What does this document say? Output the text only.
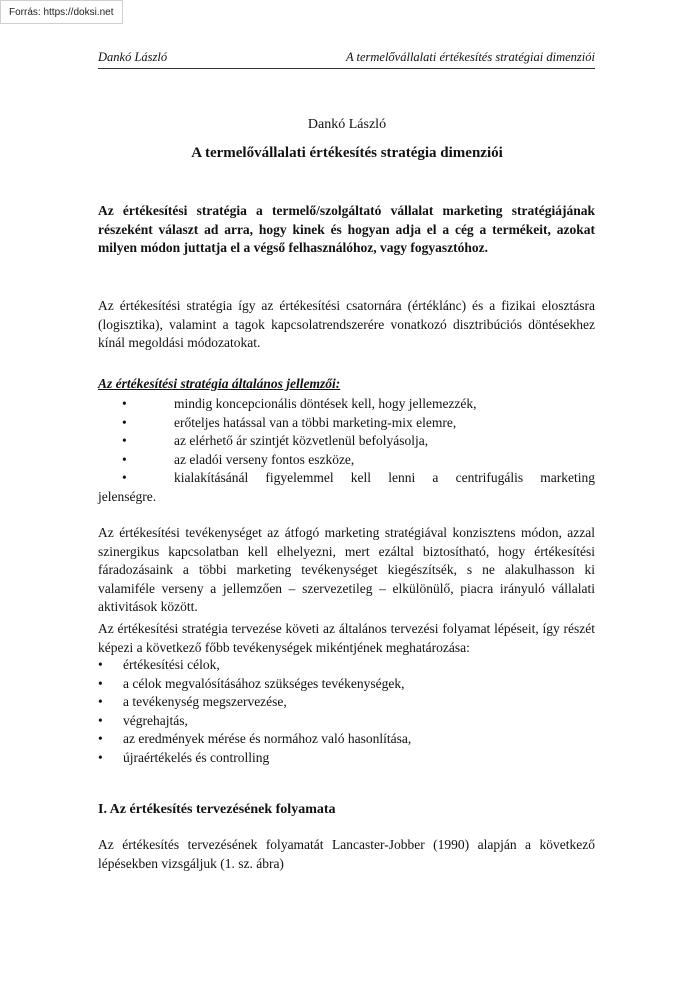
Forrás: https://doksi.net
Dankó László	A termelővállalati értékesítés stratégiai dimenziói
Dankó László
A termelővállalati értékesítés stratégia dimenziói
Az értékesítési stratégia a termelő/szolgáltató vállalat marketing stratégiájának részeként választ ad arra, hogy kinek és hogyan adja el a cég a termékeit, azokat milyen módon juttatja el a végső felhasználóhoz, vagy fogyasztóhoz.
Az értékesítési stratégia így az értékesítési csatornára (értéklánc) és a fizikai elosztásra (logisztika), valamint a tagok kapcsolatrendszerére vonatkozó disztribúciós döntésekhez kínál megoldási módozatokat.
Az értékesítési stratégia általános jellemzői:
•	mindig koncepcionális döntések kell, hogy jellemezzék,
•	erőteljes hatással van a többi marketing-mix elemre,
•	az elérhető ár szintjét közvetlenül befolyásolja,
•	az eladói verseny fontos eszköze,
•	kialakításánál figyelemmel kell lenni a centrifugális marketing
jelenségre.
Az értékesítési tevékenységet az átfogó marketing stratégiával konzisztens módon, azzal szinergikus kapcsolatban kell elhelyezni, mert ezáltal biztosítható, hogy értékesítési fáradozásaink a többi marketing tevékenységet kiegészítsék, s ne alakulhasson ki valamiféle verseny a jellemzően – szervezetileg – elkülönülő, piacra irányuló vállalati aktivitások között.
Az értékesítési stratégia tervezése követi az általános tervezési folyamat lépéseit, így részét képezi a következő főbb tevékenységek mikéntjének meghatározása:
• értékesítési célok,
• a célok megvalósításához szükséges tevékenységek,
• a tevékenység megszervezése,
• végrehajtás,
• az eredmények mérése és normához való hasonlítása,
• újraértékelés és controlling
I. Az értékesítés tervezésének folyamata
Az értékesítés tervezésének folyamatát Lancaster-Jobber (1990) alapján a következő lépésekben vizsgáljuk (1. sz. ábra)
